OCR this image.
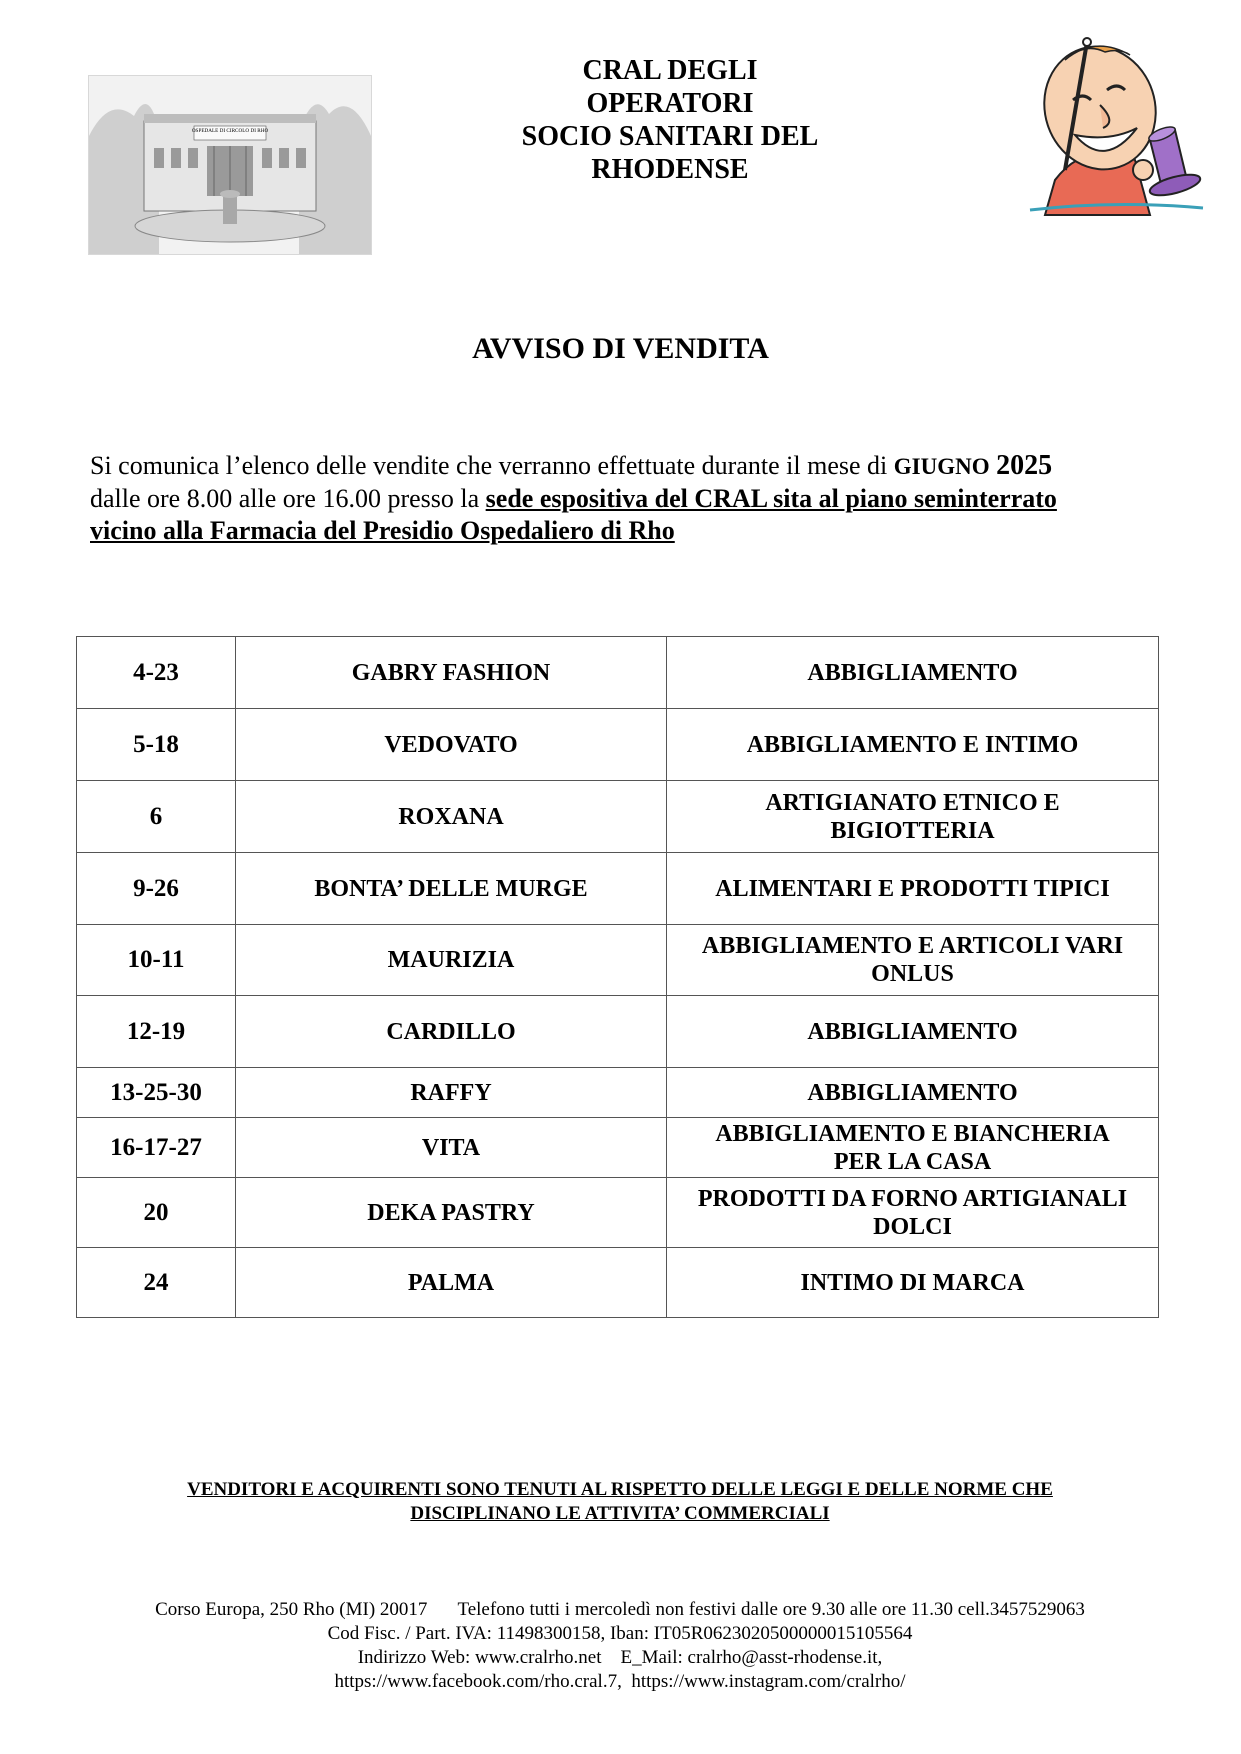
OSPEDALE DI CIRCOLO DI RHO
CRAL DEGLI OPERATORI
SOCIO SANITARI DEL
RHODENSE
AVVISO DI VENDITA
Si comunica l’elenco delle vendite che verranno effettuate durante il mese di GIUGNO 2025
dalle ore 8.00 alle ore 16.00 presso la sede espositiva del CRAL sita al piano seminterrato
vicino alla Farmacia del Presidio Ospedaliero di Rho
4-23	GABRY FASHION	ABBIGLIAMENTO

5-18	VEDOVATO	ABBIGLIAMENTO E INTIMO

6	ROXANA	ARTIGIANATO ETNICO E
BIGIOTTERIA

9-26	BONTA’ DELLE MURGE	ALIMENTARI E PRODOTTI TIPICI

10-11	MAURIZIA	ABBIGLIAMENTO E ARTICOLI VARI
ONLUS

12-19	CARDILLO	ABBIGLIAMENTO

13-25-30	RAFFY	ABBIGLIAMENTO

16-17-27	VITA	ABBIGLIAMENTO E BIANCHERIA
PER LA CASA

20	DEKA PASTRY	PRODOTTI DA FORNO ARTIGIANALI
DOLCI

24	PALMA	INTIMO DI MARCA
VENDITORI E ACQUIRENTI SONO TENUTI AL RISPETTO DELLE LEGGI E DELLE NORME CHE
DISCIPLINANO LE ATTIVITA’ COMMERCIALI
Corso Europa, 250 Rho (MI) 20017 Telefono tutti i mercoledì non festivi dalle ore 9.30 alle ore 11.30 cell.3457529063
Cod Fisc. / Part. IVA: 11498300158, Iban: IT05R0623020500000015105564
Indirizzo Web: www.cralrho.net    E_Mail: cralrho@asst-rhodense.it,
https://www.facebook.com/rho.cral.7,  https://www.instagram.com/cralrho/
